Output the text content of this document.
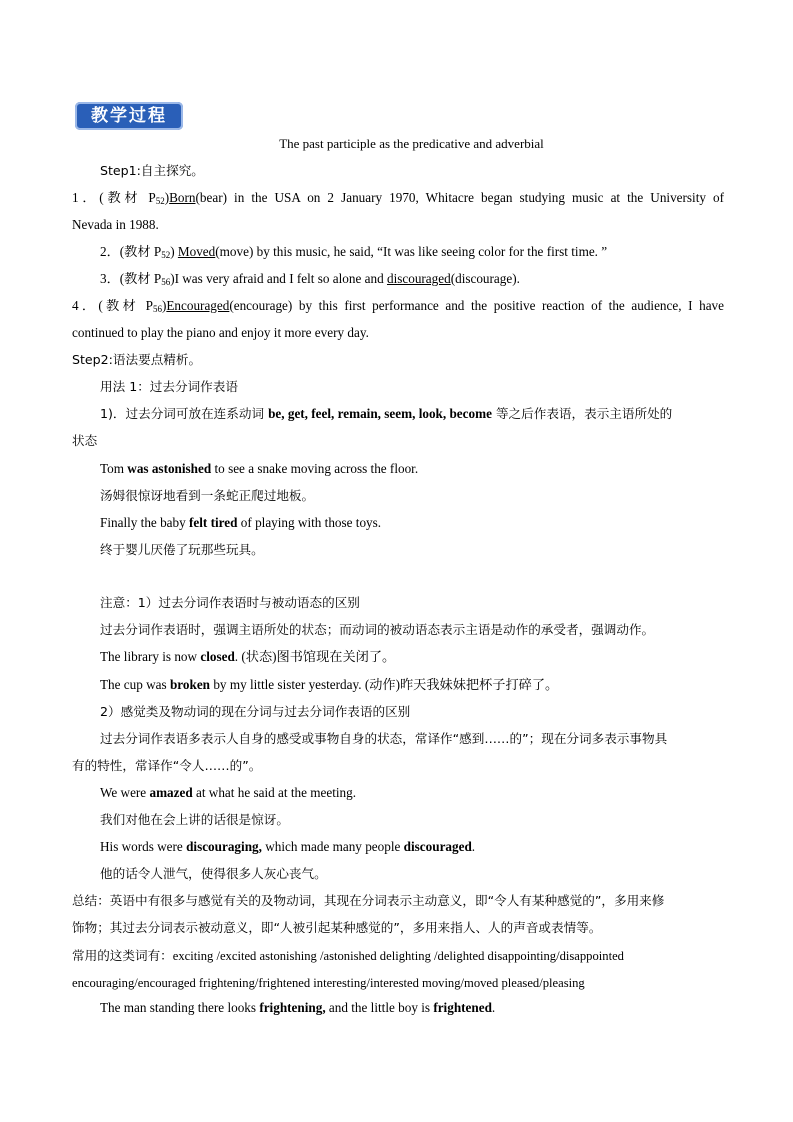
教学过程
The past participle as the predicative and adverbial
Step1:自主探究。
1．(教材 $P_{52})Born(bear)$ in the USA on 2 January 1970, Whitacre began studying music at the University of
Nevada in 1988.
2．(教材 $P_{52}$) Moved(move) by this music, he said, “It was like seeing color for the first time. ”
3．(教材 $P_{56})I$ was very afraid and I felt so alone and discouraged(discourage).
4．(教材 $P_{56})Encouraged(encourage)$ by this first performance and the positive reaction of the audience, I have
continued to play the piano and enjoy it more every day.
Step2:语法要点精析。
用法 1：过去分词作表语
1)．过去分词可放在连系动词 be, get, feel, remain, seem, look, become 等之后作表语，表示主语所处的
状态
Tom was astonished to see a snake moving across the floor.
汤姆很惊讶地看到一条蛇正爬过地板。
Finally the baby felt tired of playing with those toys.
终于婴儿厌倦了玩那些玩具。
注意：1）过去分词作表语时与被动语态的区别
过去分词作表语时，强调主语所处的状态；而动词的被动语态表示主语是动作的承受者，强调动作。
The library is now closed. (状态)图书馆现在关闭了。
The cup was broken by my little sister yesterday. (动作)昨天我妹妹把杯子打碎了。
2）感觉类及物动词的现在分词与过去分词作表语的区别
过去分词作表语多表示人自身的感受或事物自身的状态，常译作“感到……的”；现在分词多表示事物具
有的特性，常译作“令人……的”。
We were amazed at what he said at the meeting.
我们对他在会上讲的话很是惊讶。
His words were discouraging, which made many people discouraged.
他的话令人泄气，使得很多人灰心丧气。
总结：英语中有很多与感觉有关的及物动词，其现在分词表示主动意义，即“令人有某种感觉的”，多用来修
饰物；其过去分词表示被动意义，即“人被引起某种感觉的”，多用来指人、人的声音或表情等。
常用的这类词有：exciting /excited astonishing /astonished delighting /delighted disappointing/disappointed
encouraging/encouraged frightening/frightened interesting/interested moving/moved pleased/pleasing
The man standing there looks frightening, and the little boy is frightened.
